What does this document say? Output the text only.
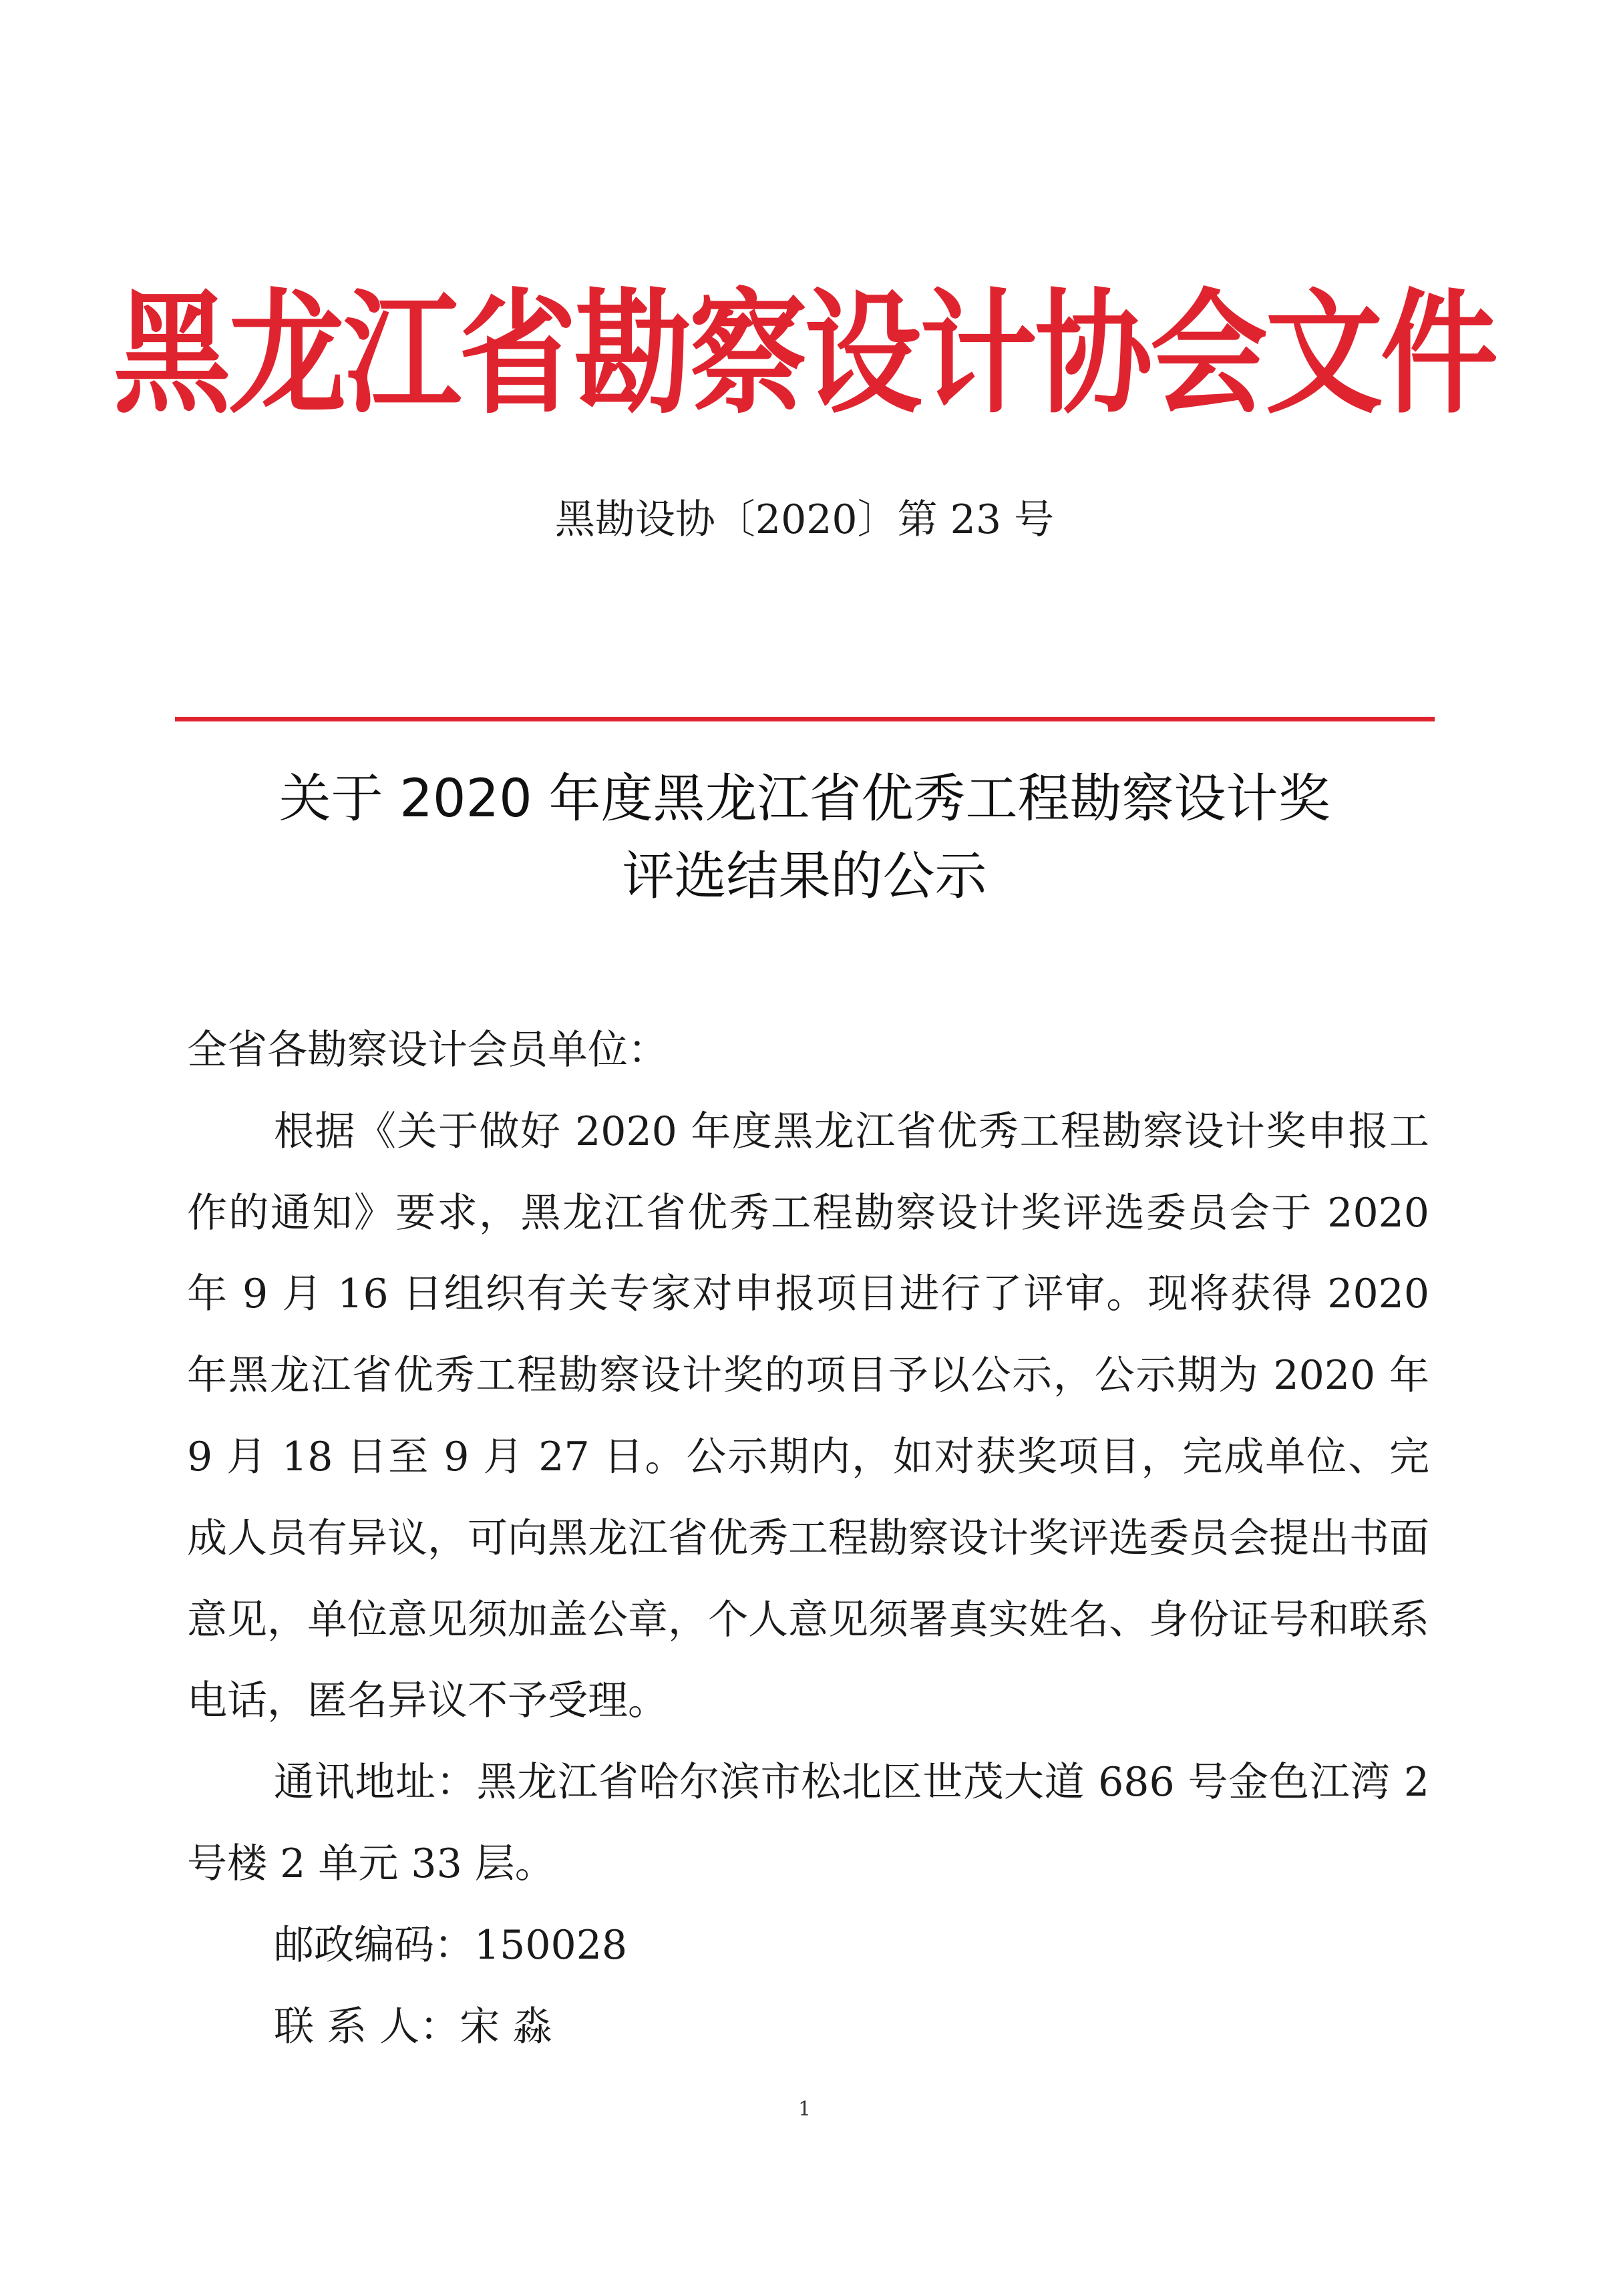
黑龙江省勘察设计协会文件
黑勘设协〔2020〕第 23 号
关于 2020 年度黑龙江省优秀工程勘察设计奖
评选结果的公示

全省各勘察设计会员单位：

根据《关于做好 2020 年度黑龙江省优秀工程勘察设计奖申报工作的通知》要求，黑龙江省优秀工程勘察设计奖评选委员会于 2020 年 9 月 16 日组织有关专家对申报项目进行了评审。现将获得 2020 年黑龙江省优秀工程勘察设计奖的项目予以公示，公示期为 2020 年 9 月 18 日至 9 月 27 日。公示期内，如对获奖项目，完成单位、完成人员有异议，可向黑龙江省优秀工程勘察设计奖评选委员会提出书面意见，单位意见须加盖公章，个人意见须署真实姓名、身份证号和联系电话，匿名异议不予受理。

通讯地址：黑龙江省哈尔滨市松北区世茂大道 686 号金色江湾 2 号楼 2 单元 33 层。

邮政编码：150028

联 系 人：宋 淼

1
